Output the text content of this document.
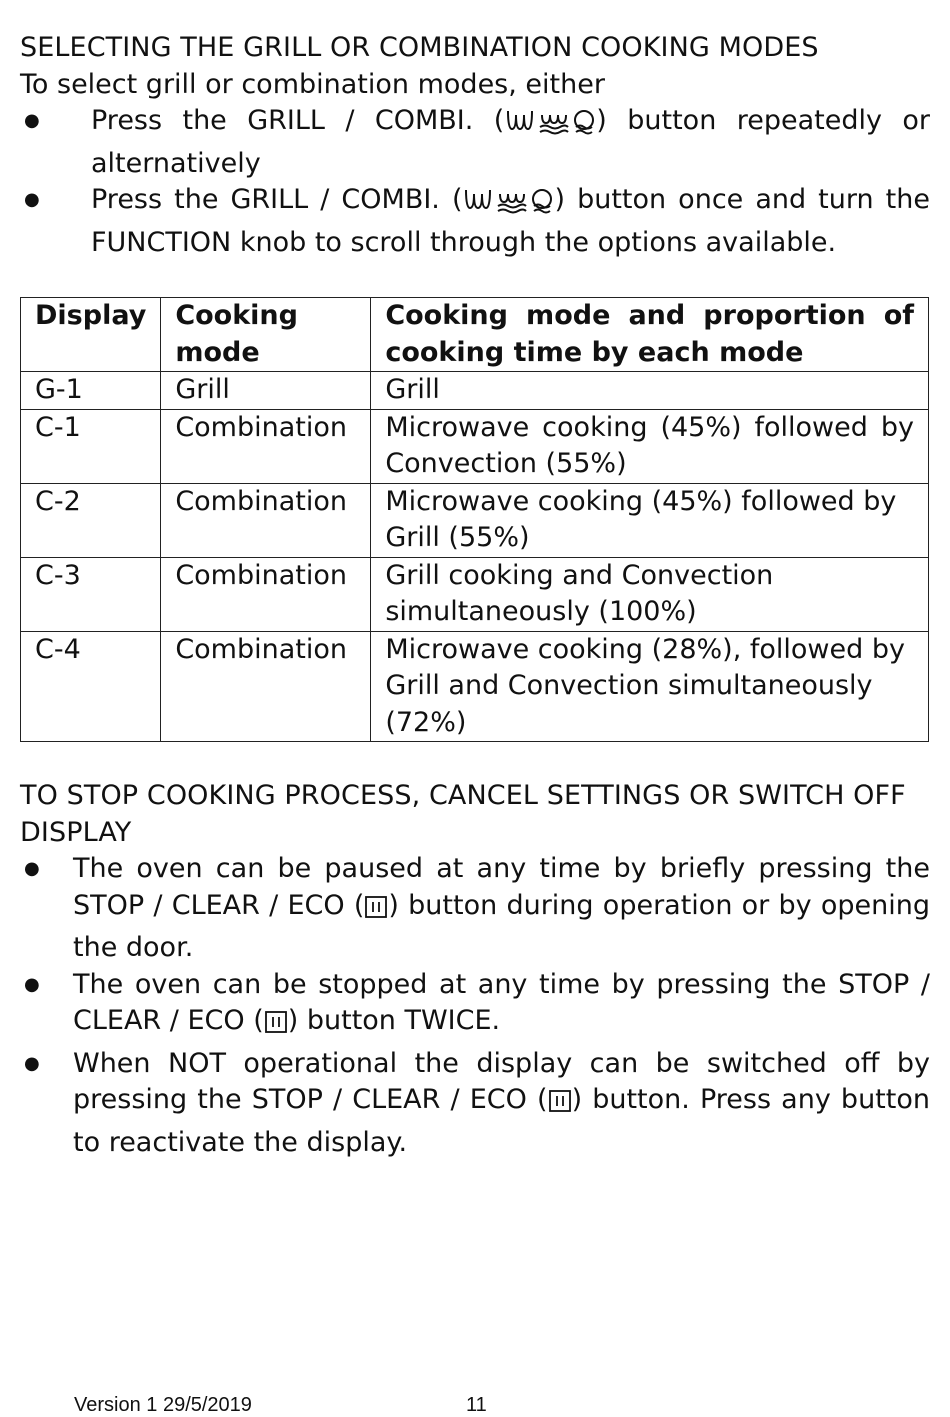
SELECTING THE GRILL OR COMBINATION COOKING MODES

To select grill or combination modes, either

● Press the GRILL / COMBI. (	) button repeatedly or alternatively
● Press the GRILL / COMBI. (	) button once and turn the FUNCTION knob to scroll through the options available.
Display	Cooking mode	Cooking mode and proportion of cooking time by each mode
G-1	Grill	Grill
C-1	Combination	Microwave cooking (45%) followed by Convection (55%)
C-2	Combination	Microwave cooking (45%) followed by Grill (55%)
C-3	Combination	Grill cooking and Convection simultaneously (100%)
C-4	Combination	Microwave cooking (28%), followed by Grill and Convection simultaneously (72%)

TO STOP COOKING PROCESS, CANCEL SETTINGS OR SWITCH OFF DISPLAY

● The oven can be paused at any time by briefly pressing the STOP / CLEAR / ECO ( ) button during operation or by opening the door.
● The oven can be stopped at any time by pressing the STOP / CLEAR / ECO ( ) button TWICE.
● When NOT operational the display can be switched off by pressing the STOP / CLEAR / ECO ( ) button. Press any button to reactivate the display.
Version 1 29/5/2019	11
